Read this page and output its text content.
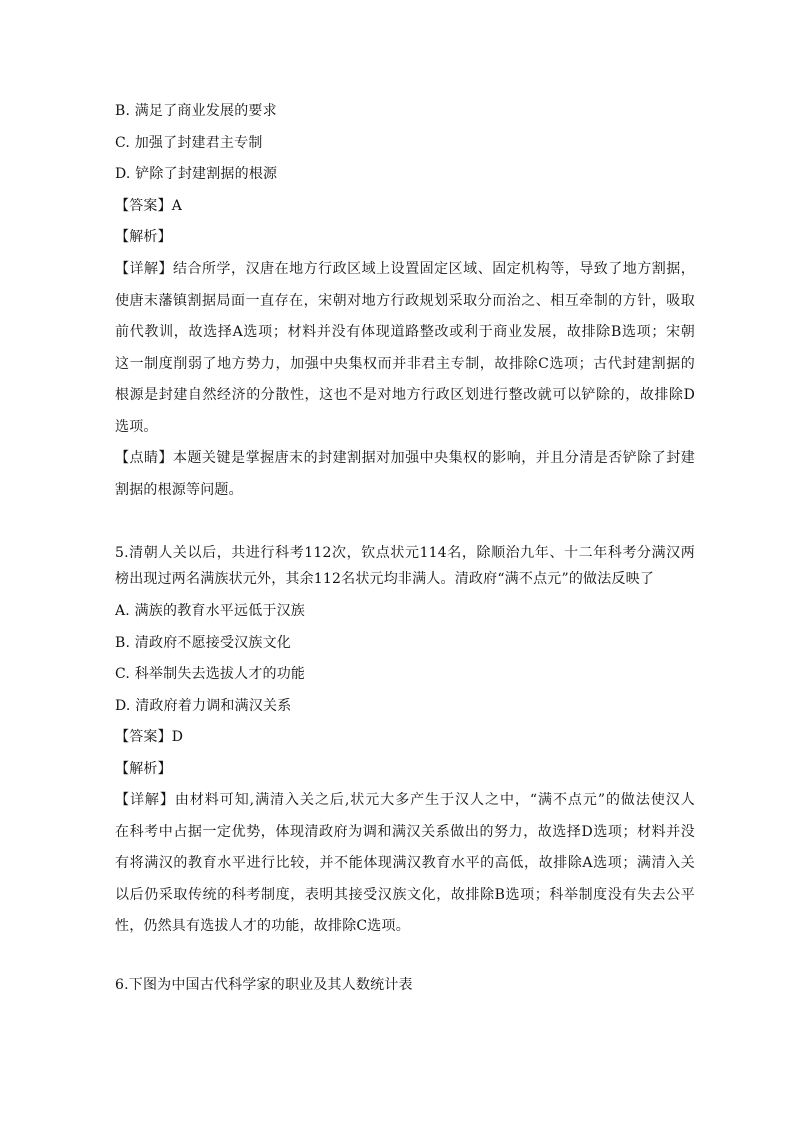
B. 满足了商业发展的要求
C. 加强了封建君主专制
D. 铲除了封建割据的根源
【答案】A
【解析】
【详解】结合所学，汉唐在地方行政区域上设置固定区域、固定机构等，导致了地方割据，
使唐末藩镇割据局面一直存在，宋朝对地方行政规划采取分而治之、相互牵制的方针，吸取
前代教训，故选择A选项；材料并没有体现道路整改或利于商业发展，故排除B选项；宋朝
这一制度削弱了地方势力，加强中央集权而并非君主专制，故排除C选项；古代封建割据的
根源是封建自然经济的分散性，这也不是对地方行政区划进行整改就可以铲除的，故排除D
选项。
【点睛】本题关键是掌握唐末的封建割据对加强中央集权的影响，并且分清是否铲除了封建
割据的根源等问题。
5.清朝人关以后，共进行科考112次，钦点状元114名，除顺治九年、十二年科考分满汉两
榜出现过两名满族状元外，其余112名状元均非满人。清政府“满不点元”的做法反映了
A. 满族的教育水平远低于汉族
B. 清政府不愿接受汉族文化
C. 科举制失去选拔人才的功能
D. 清政府着力调和满汉关系
【答案】D
【解析】
【详解】由材料可知,满清入关之后,状元大多产生于汉人之中，“满不点元”的做法使汉人
在科考中占据一定优势，体现清政府为调和满汉关系做出的努力，故选择D选项；材料并没
有将满汉的教育水平进行比较，并不能体现满汉教育水平的高低，故排除A选项；满清入关
以后仍采取传统的科考制度，表明其接受汉族文化，故排除B选项；科举制度没有失去公平
性，仍然具有选拔人才的功能，故排除C选项。
6.下图为中国古代科学家的职业及其人数统计表
